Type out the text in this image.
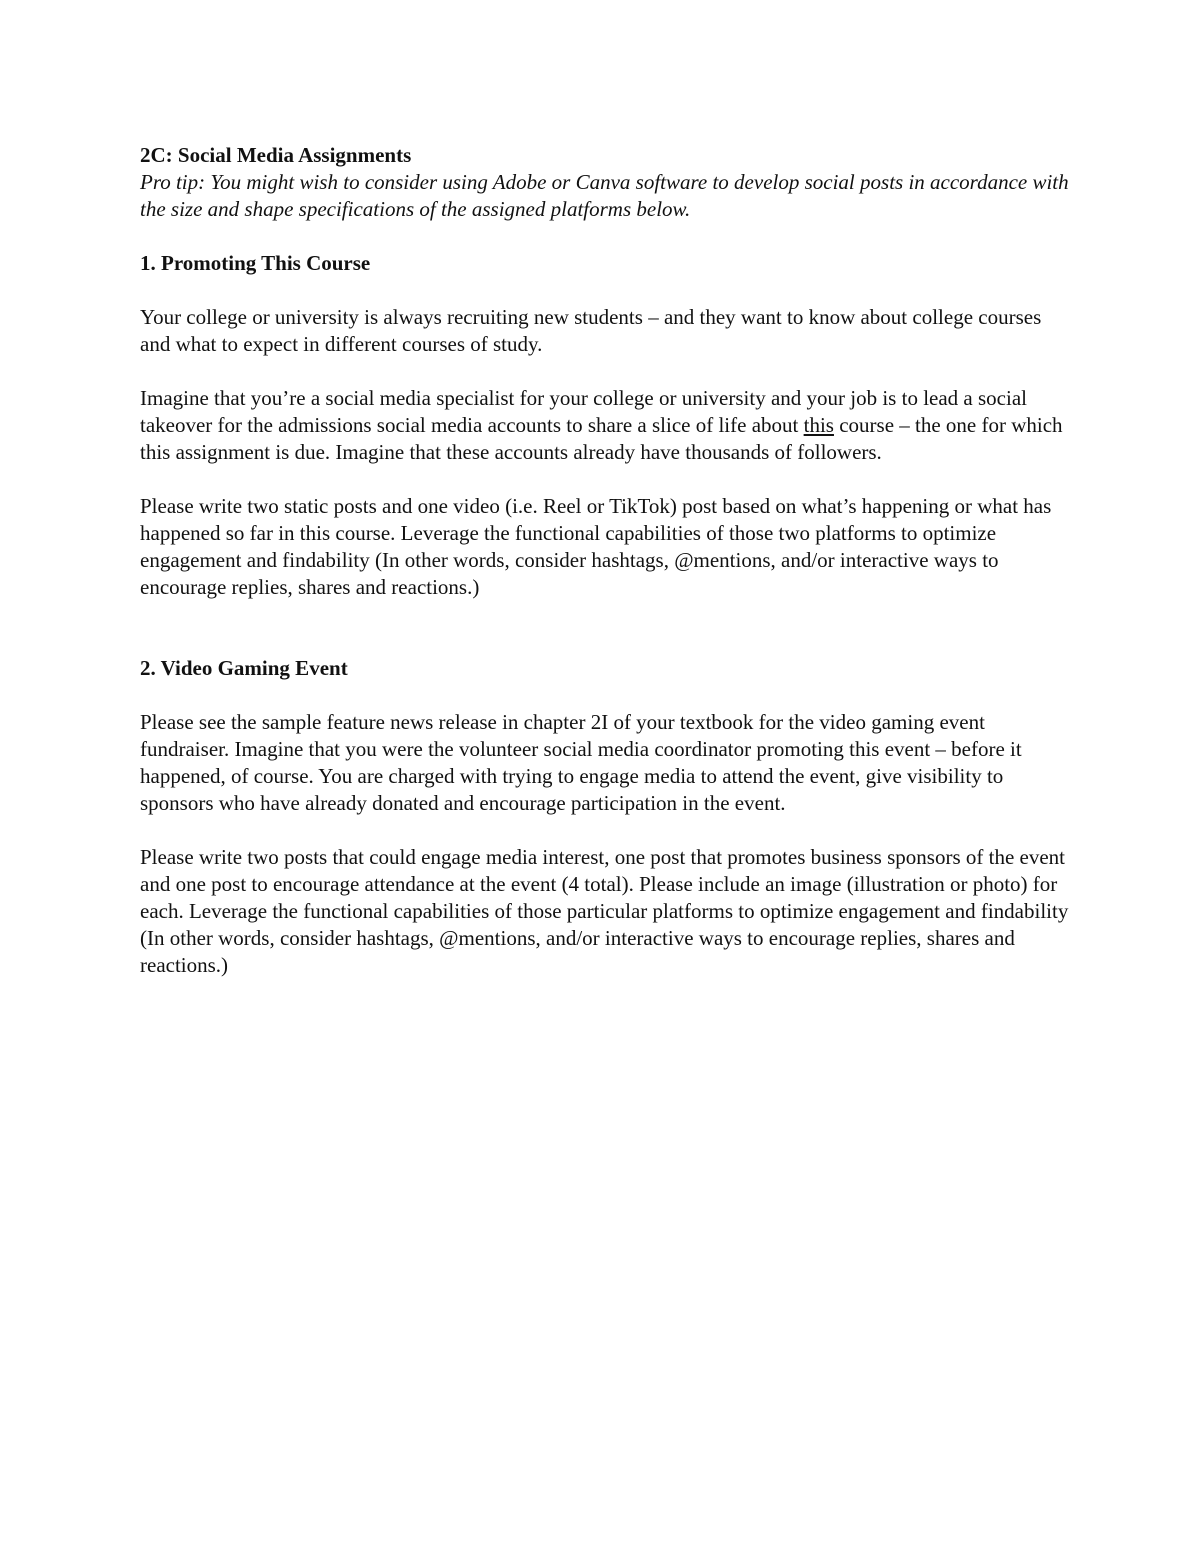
2C: Social Media Assignments

Pro tip: You might wish to consider using Adobe or Canva software to develop social posts in accordance with the size and shape specifications of the assigned platforms below.

1. Promoting This Course

Your college or university is always recruiting new students – and they want to know about college courses and what to expect in different courses of study.

Imagine that you’re a social media specialist for your college or university and your job is to lead a social takeover for the admissions social media accounts to share a slice of life about this course – the one for which this assignment is due. Imagine that these accounts already have thousands of followers.

Please write two static posts and one video (i.e. Reel or TikTok) post based on what’s happening or what has happened so far in this course. Leverage the functional capabilities of those two platforms to optimize engagement and findability (In other words, consider hashtags, @mentions, and/or interactive ways to encourage replies, shares and reactions.)

2. Video Gaming Event

Please see the sample feature news release in chapter 2I of your textbook for the video gaming event fundraiser. Imagine that you were the volunteer social media coordinator promoting this event – before it happened, of course. You are charged with trying to engage media to attend the event, give visibility to sponsors who have already donated and encourage participation in the event.

Please write two posts that could engage media interest, one post that promotes business sponsors of the event and one post to encourage attendance at the event (4 total). Please include an image (illustration or photo) for each. Leverage the functional capabilities of those particular platforms to optimize engagement and findability (In other words, consider hashtags, @mentions, and/or interactive ways to encourage replies, shares and reactions.)
